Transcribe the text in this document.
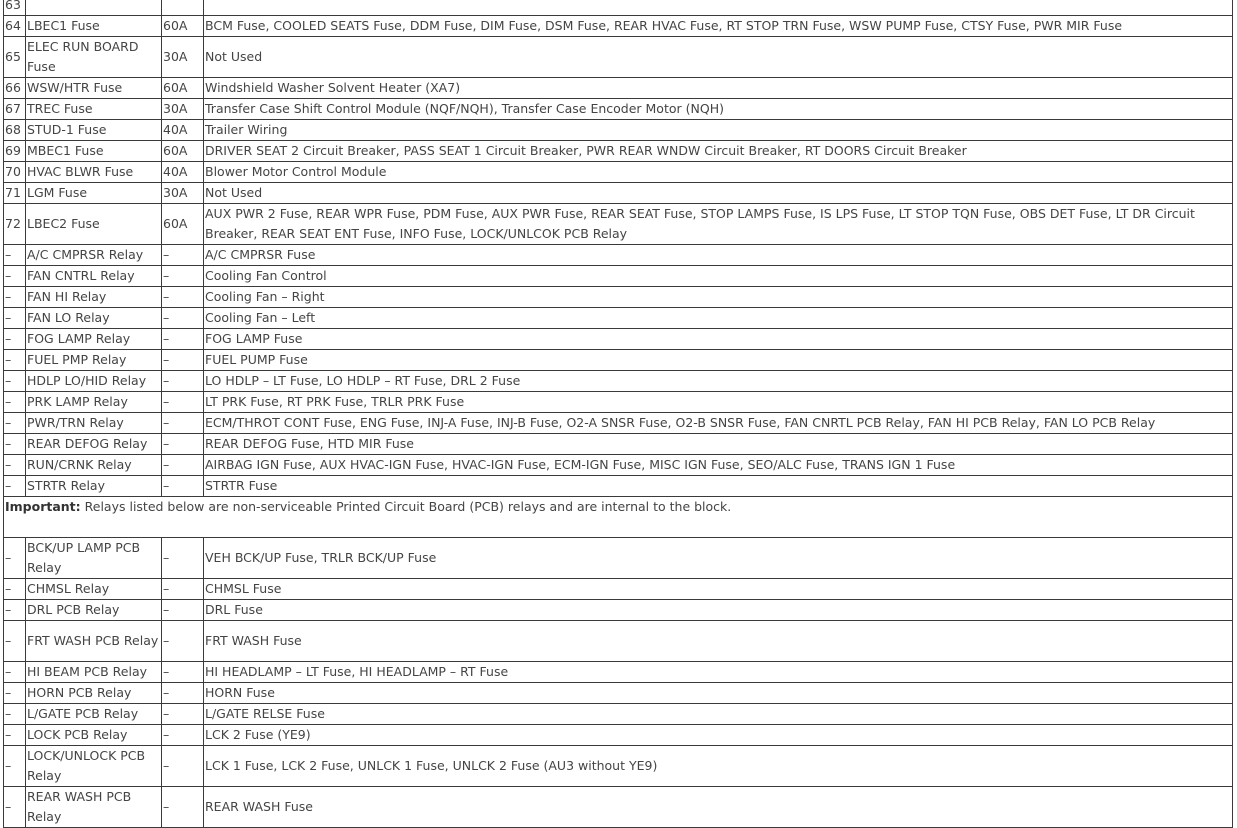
63			
64	LBEC1 Fuse	60A	BCM Fuse, COOLED SEATS Fuse, DDM Fuse, DIM Fuse, DSM Fuse, REAR HVAC Fuse, RT STOP TRN Fuse, WSW PUMP Fuse, CTSY Fuse, PWR MIR Fuse
65	ELEC RUN BOARD Fuse	30A	Not Used
66	WSW/HTR Fuse	60A	Windshield Washer Solvent Heater (XA7)
67	TREC Fuse	30A	Transfer Case Shift Control Module (NQF/NQH), Transfer Case Encoder Motor (NQH)
68	STUD-1 Fuse	40A	Trailer Wiring
69	MBEC1 Fuse	60A	DRIVER SEAT 2 Circuit Breaker, PASS SEAT 1 Circuit Breaker, PWR REAR WNDW Circuit Breaker, RT DOORS Circuit Breaker
70	HVAC BLWR Fuse	40A	Blower Motor Control Module
71	LGM Fuse	30A	Not Used
72	LBEC2 Fuse	60A	AUX PWR 2 Fuse, REAR WPR Fuse, PDM Fuse, AUX PWR Fuse, REAR SEAT Fuse, STOP LAMPS Fuse, IS LPS Fuse, LT STOP TQN Fuse, OBS DET Fuse, LT DR Circuit Breaker, REAR SEAT ENT Fuse, INFO Fuse, LOCK/UNLCOK PCB Relay
–	A/C CMPRSR Relay	–	A/C CMPRSR Fuse
–	FAN CNTRL Relay	–	Cooling Fan Control
–	FAN HI Relay	–	Cooling Fan – Right
–	FAN LO Relay	–	Cooling Fan – Left
–	FOG LAMP Relay	–	FOG LAMP Fuse
–	FUEL PMP Relay	–	FUEL PUMP Fuse
–	HDLP LO/HID Relay	–	LO HDLP – LT Fuse, LO HDLP – RT Fuse, DRL 2 Fuse
–	PRK LAMP Relay	–	LT PRK Fuse, RT PRK Fuse, TRLR PRK Fuse
–	PWR/TRN Relay	–	ECM/THROT CONT Fuse, ENG Fuse, INJ-A Fuse, INJ-B Fuse, O2-A SNSR Fuse, O2-B SNSR Fuse, FAN CNRTL PCB Relay, FAN HI PCB Relay, FAN LO PCB Relay
–	REAR DEFOG Relay	–	REAR DEFOG Fuse, HTD MIR Fuse
–	RUN/CRNK Relay	–	AIRBAG IGN Fuse, AUX HVAC-IGN Fuse, HVAC-IGN Fuse, ECM-IGN Fuse, MISC IGN Fuse, SEO/ALC Fuse, TRANS IGN 1 Fuse
–	STRTR Relay	–	STRTR Fuse
Important: Relays listed below are non-serviceable Printed Circuit Board (PCB) relays and are internal to the block.			
–	BCK/UP LAMP PCB Relay	–	VEH BCK/UP Fuse, TRLR BCK/UP Fuse
–	CHMSL Relay	–	CHMSL Fuse
–	DRL PCB Relay	–	DRL Fuse
–	FRT WASH PCB Relay	–	FRT WASH Fuse
–	HI BEAM PCB Relay	–	HI HEADLAMP – LT Fuse, HI HEADLAMP – RT Fuse
–	HORN PCB Relay	–	HORN Fuse
–	L/GATE PCB Relay	–	L/GATE RELSE Fuse
–	LOCK PCB Relay	–	LCK 2 Fuse (YE9)
–	LOCK/UNLOCK PCB Relay	–	LCK 1 Fuse, LCK 2 Fuse, UNLCK 1 Fuse, UNLCK 2 Fuse (AU3 without YE9)
–	REAR WASH PCB Relay	–	REAR WASH Fuse
